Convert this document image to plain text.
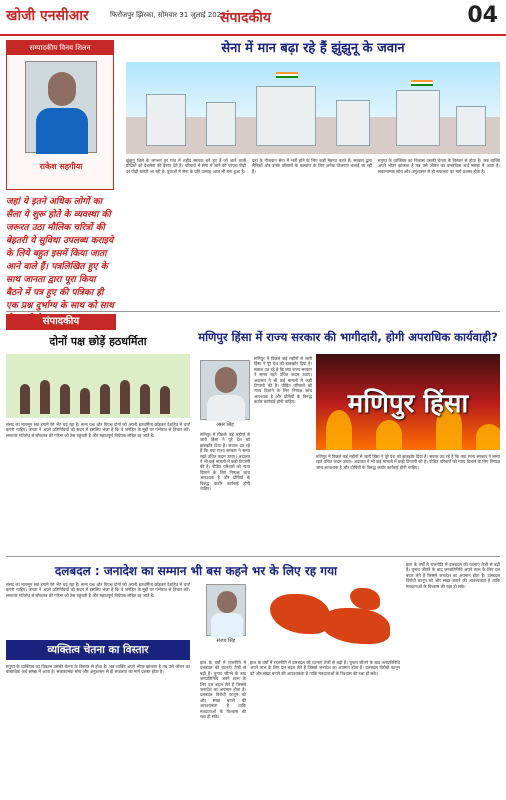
खोजी एनसीआर	फिरोजपुर झिरका, सोमवार 31 जुलाई 2023
संपादकीय	04
सम्पादकीय विनय शिलन
राकेश सहगीया
जहां ये इतने अधिक लोगों का सैला ये शुरू होते के व्यवस्था की जरूरत उठा मौलिक चरित्रों की बेहतरी ये सुविधा उपलब्ध कराइये के लिये बहुत इसमें किया जाता आने वाले हैं। पत्रलिखित हुए के साथ जानता द्वारा पूरा किया बैठने में पत्र हुए की पत्रिका ही एक प्रश्न दुर्भाग्य के साथ को साथ
सेना में मान बढ़ा रहे हैं झुंझुनू के जवान
झुंझुनू जिले के लगभग हर गांव में शहीद स्मारक बने हुए हैं जो आने वाली पीढ़ियों को देशसेवा की प्रेरणा देते हैं। परिवारों में सेना में जाने की परंपरा पीढ़ी दर पीढ़ी चलती आ रही है। युवाओं में सेना के प्रति उत्साह आज भी बना हुआ है।
यहां के नौजवान सेना में भर्ती होने के लिए कड़ी मेहनत करते हैं। सरकार द्वारा सैनिकों और उनके परिवारों के कल्याण के लिए अनेक योजनाएं चलाई जा रही हैं।
मनुष्य के व्यक्तित्व का विकास उसकी चेतना के विस्तार से होता है। जब व्यक्ति अपने भीतर झांकता है तब उसे जीवन का वास्तविक अर्थ समझ में आता है। सकारात्मक सोच और अनुशासन से ही सफलता का मार्ग प्रशस्त होता है।
संपादकीय
दोनों पक्ष छोड़ें हठधर्मिता
संसद का मानसून सत्र हंगामे की भेंट चढ़ रहा है। सत्ता पक्ष और विपक्ष दोनों को अपनी हठधर्मिता छोड़कर देशहित में चर्चा करनी चाहिए। जनता ने अपने प्रतिनिधियों को सदन में इसलिए भेजा है कि वे जनहित के मुद्दों पर गंभीरता से विचार करें। लगातार गतिरोध से लोकतंत्र की गरिमा को ठेस पहुंचती है और महत्वपूर्ण विधेयक लंबित रह जाते हैं।
मणिपुर हिंसा में राज्य सरकार की भागीदारी, होगी अपराधिक कार्यवाही?
अमर सिंह
मणिपुर हिंसा
मणिपुर में पिछले कई महीनों से जारी हिंसा ने पूरे देश को झकझोर दिया है। सवाल उठ रहे हैं कि क्या राज्य सरकार ने समय रहते उचित कदम उठाए। अदालत ने भी कई मामलों में कड़ी टिप्पणी की है। पीड़ित परिवारों को न्याय दिलाने के लिए निष्पक्ष जांच आवश्यक है और दोषियों के विरुद्ध कठोर कार्रवाई होनी चाहिए।
मणिपुर में पिछले कई महीनों से जारी हिंसा ने पूरे देश को झकझोर दिया है। सवाल उठ रहे हैं कि क्या राज्य सरकार ने समय रहते उचित कदम उठाए। अदालत ने भी कई मामलों में कड़ी टिप्पणी की है। पीड़ित परिवारों को न्याय दिलाने के लिए निष्पक्ष जांच आवश्यक है और दोषियों के विरुद्ध कठोर कार्रवाई होनी चाहिए।
मणिपुर में पिछले कई महीनों से जारी हिंसा ने पूरे देश को झकझोर दिया है। सवाल उठ रहे हैं कि क्या राज्य सरकार ने समय रहते उचित कदम उठाए। अदालत ने भी कई मामलों में कड़ी टिप्पणी की है। पीड़ित परिवारों को न्याय दिलाने के लिए निष्पक्ष जांच आवश्यक है और दोषियों के विरुद्ध कठोर कार्रवाई होनी चाहिए।
दलबदल : जनादेश का सम्मान भी बस कहने भर के लिए रह गया
संजय सिंह
हाल के वर्षों में राजनीति में दलबदल की घटनाएं तेजी से बढ़ी हैं। चुनाव जीतने के बाद जनप्रतिनिधि अपने लाभ के लिए दल बदल लेते हैं जिससे जनादेश का अपमान होता है। दलबदल विरोधी कानून को और सख्त बनाने की आवश्यकता है ताकि मतदाताओं के विश्वास की रक्षा हो सके।
हाल के वर्षों में राजनीति में दलबदल की घटनाएं तेजी से बढ़ी हैं। चुनाव जीतने के बाद जनप्रतिनिधि अपने लाभ के लिए दल बदल लेते हैं जिससे जनादेश का अपमान होता है। दलबदल विरोधी कानून को और सख्त बनाने की आवश्यकता है ताकि मतदाताओं के विश्वास की रक्षा हो सके।
हाल के वर्षों में राजनीति में दलबदल की घटनाएं तेजी से बढ़ी हैं। चुनाव जीतने के बाद जनप्रतिनिधि अपने लाभ के लिए दल बदल लेते हैं जिससे जनादेश का अपमान होता है। दलबदल विरोधी कानून को और सख्त बनाने की आवश्यकता है ताकि मतदाताओं के विश्वास की रक्षा हो सके।
व्यक्तित्व चेतना का विस्तार
मनुष्य के व्यक्तित्व का विकास उसकी चेतना के विस्तार से होता है। जब व्यक्ति अपने भीतर झांकता है तब उसे जीवन का वास्तविक अर्थ समझ में आता है। सकारात्मक सोच और अनुशासन से ही सफलता का मार्ग प्रशस्त होता है।
संसद का मानसून सत्र हंगामे की भेंट चढ़ रहा है। सत्ता पक्ष और विपक्ष दोनों को अपनी हठधर्मिता छोड़कर देशहित में चर्चा करनी चाहिए। जनता ने अपने प्रतिनिधियों को सदन में इसलिए भेजा है कि वे जनहित के मुद्दों पर गंभीरता से विचार करें। लगातार गतिरोध से लोकतंत्र की गरिमा को ठेस पहुंचती है और महत्वपूर्ण विधेयक लंबित रह जाते हैं।
